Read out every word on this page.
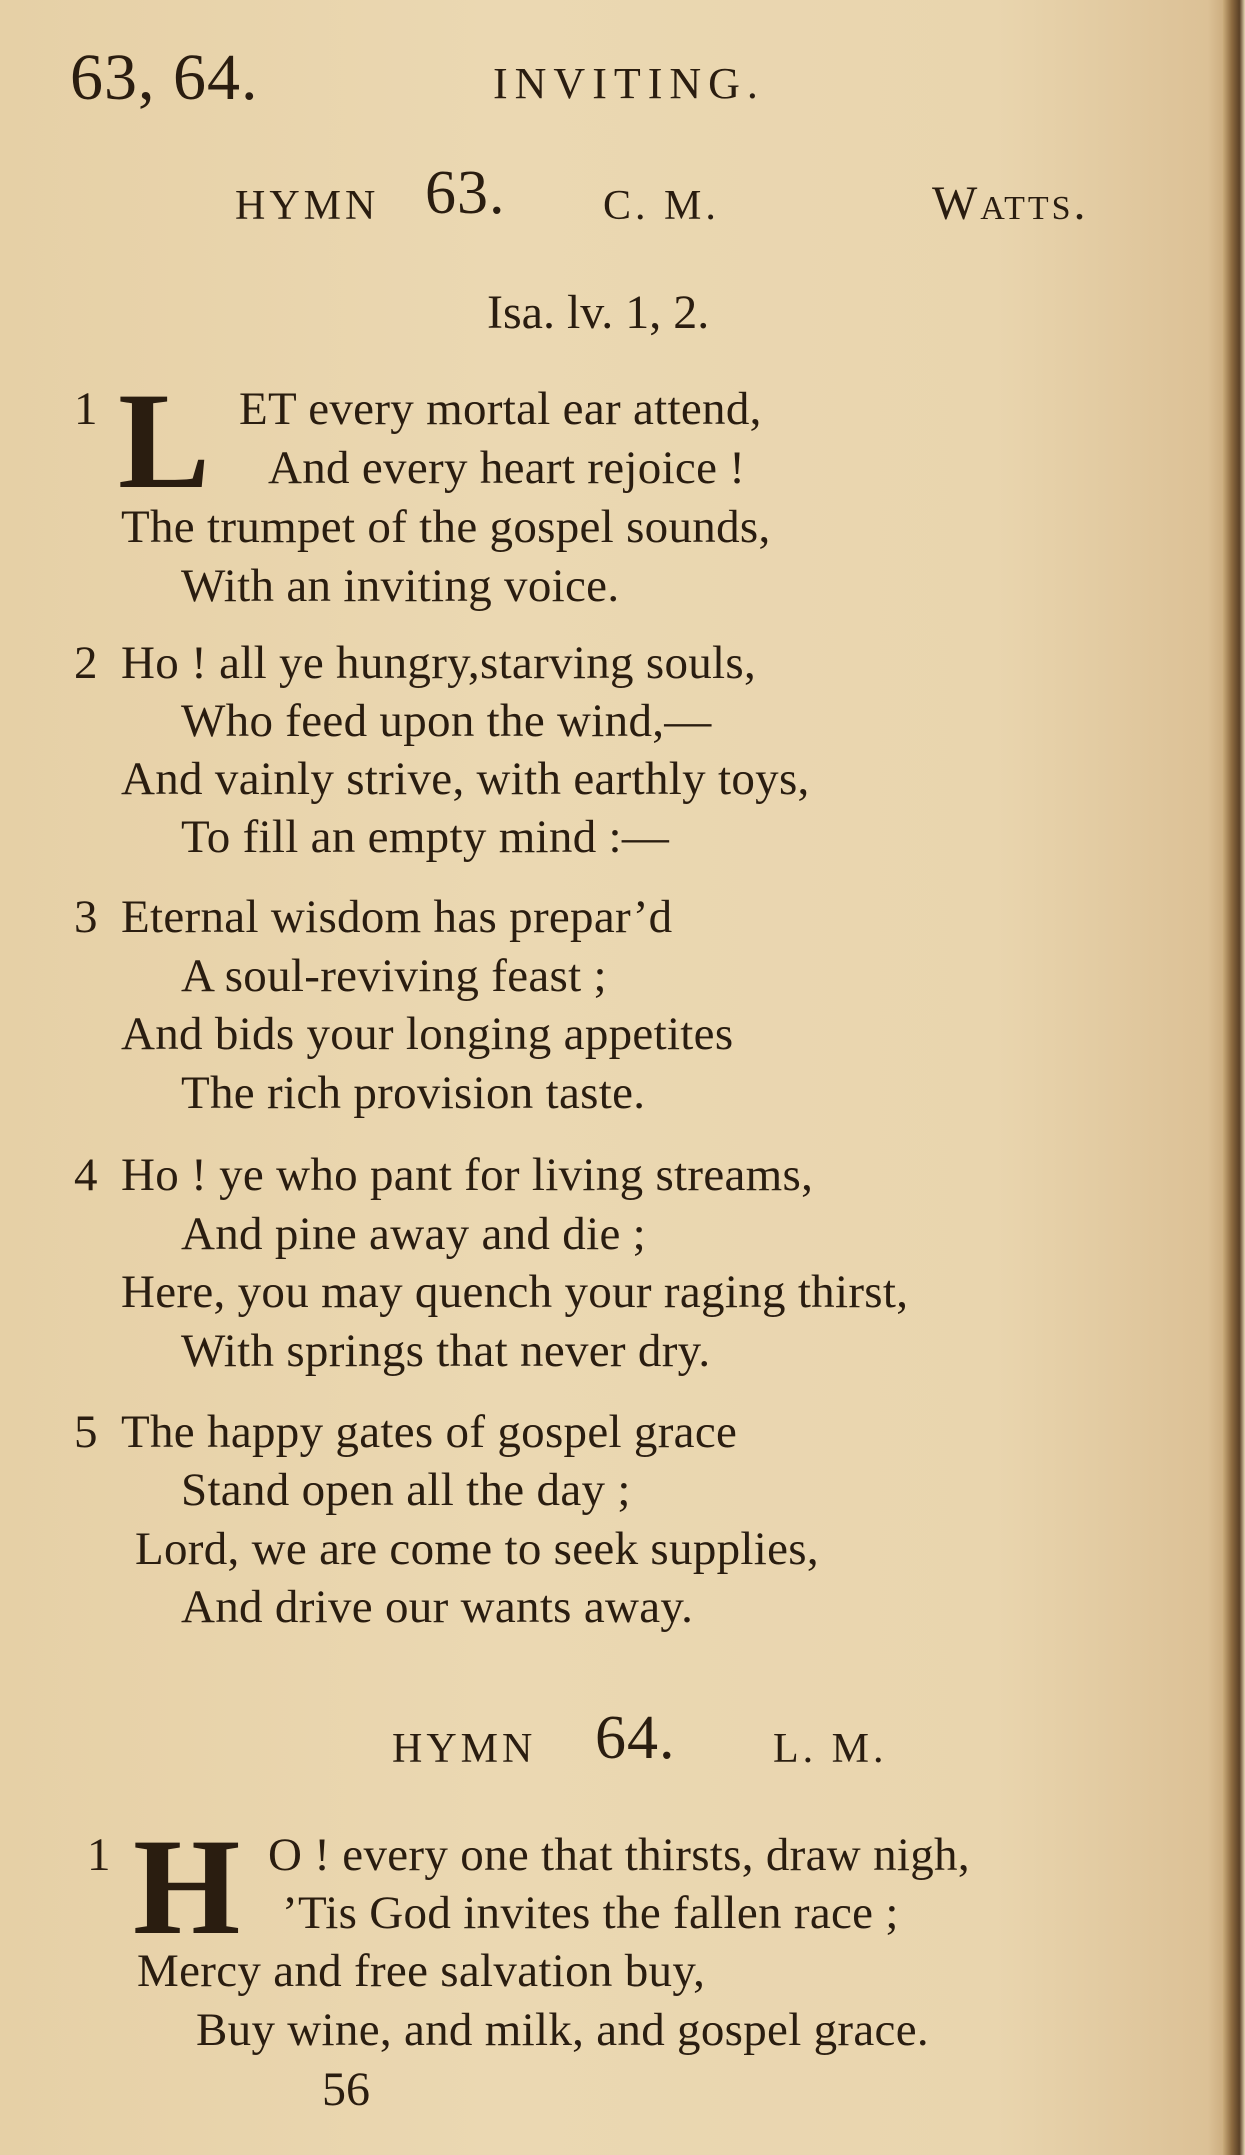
63, 64.	INVITING.
HYMN 63. C. M.	Watts.
Isa. lv. 1, 2.
1 L ET every mortal ear attend,
And every heart rejoice !
The trumpet of the gospel sounds,
With an inviting voice.
2 Ho ! all ye hungry,starving souls,
Who feed upon the wind,—
And vainly strive, with earthly toys,
To fill an empty mind :—
3 Eternal wisdom has prepar’d
A soul-reviving feast ;
And bids your longing appetites
The rich provision taste.
4 Ho ! ye who pant for living streams,
And pine away and die ;
Here, you may quench your raging thirst,
With springs that never dry.
5 The happy gates of gospel grace
Stand open all the day ;
Lord, we are come to seek supplies,
And drive our wants away.
HYMN 64. L. M.
1 H O ! every one that thirsts, draw nigh,
’Tis God invites the fallen race ;
Mercy and free salvation buy,
Buy wine, and milk, and gospel grace.
56
